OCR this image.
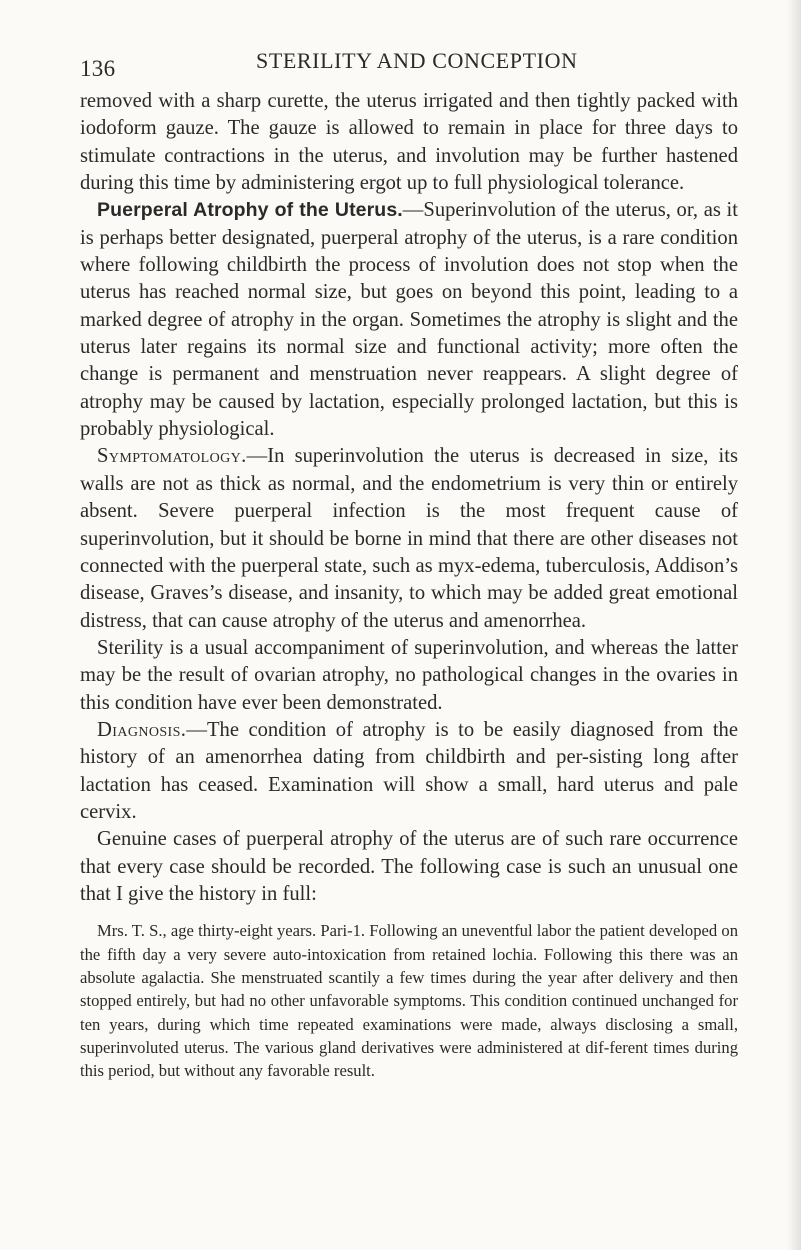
136	STERILITY AND CONCEPTION

removed with a sharp curette, the uterus irrigated and then tightly packed with iodoform gauze. The gauze is allowed to remain in place for three days to stimulate contractions in the uterus, and involution may be further hastened during this time by administering ergot up to full physiological tolerance.

Puerperal Atrophy of the Uterus.—Superinvolution of the uterus, or, as it is perhaps better designated, puerperal atrophy of the uterus, is a rare condition where following childbirth the process of involution does not stop when the uterus has reached normal size, but goes on beyond this point, leading to a marked degree of atrophy in the organ. Sometimes the atrophy is slight and the uterus later regains its normal size and functional activity; more often the change is permanent and menstruation never reappears. A slight degree of atrophy may be caused by lactation, especially prolonged lactation, but this is probably physiological.

Symptomatology.—In superinvolution the uterus is decreased in size, its walls are not as thick as normal, and the endometrium is very thin or entirely absent. Severe puerperal infection is the most frequent cause of superinvolution, but it should be borne in mind that there are other diseases not connected with the puerperal state, such as myx-edema, tuberculosis, Addison’s disease, Graves’s disease, and insanity, to which may be added great emotional distress, that can cause atrophy of the uterus and amenorrhea.

Sterility is a usual accompaniment of superinvolution, and whereas the latter may be the result of ovarian atrophy, no pathological changes in the ovaries in this condition have ever been demonstrated.

Diagnosis.—The condition of atrophy is to be easily diagnosed from the history of an amenorrhea dating from childbirth and per-sisting long after lactation has ceased. Examination will show a small, hard uterus and pale cervix.

Genuine cases of puerperal atrophy of the uterus are of such rare occurrence that every case should be recorded. The following case is such an unusual one that I give the history in full:

Mrs. T. S., age thirty-eight years. Pari-1. Following an uneventful labor the patient developed on the fifth day a very severe auto-intoxication from retained lochia. Following this there was an absolute agalactia. She menstruated scantily a few times during the year after delivery and then stopped entirely, but had no other unfavorable symptoms. This condition continued unchanged for ten years, during which time repeated examinations were made, always disclosing a small, superinvoluted uterus. The various gland derivatives were administered at dif-ferent times during this period, but without any favorable result.
